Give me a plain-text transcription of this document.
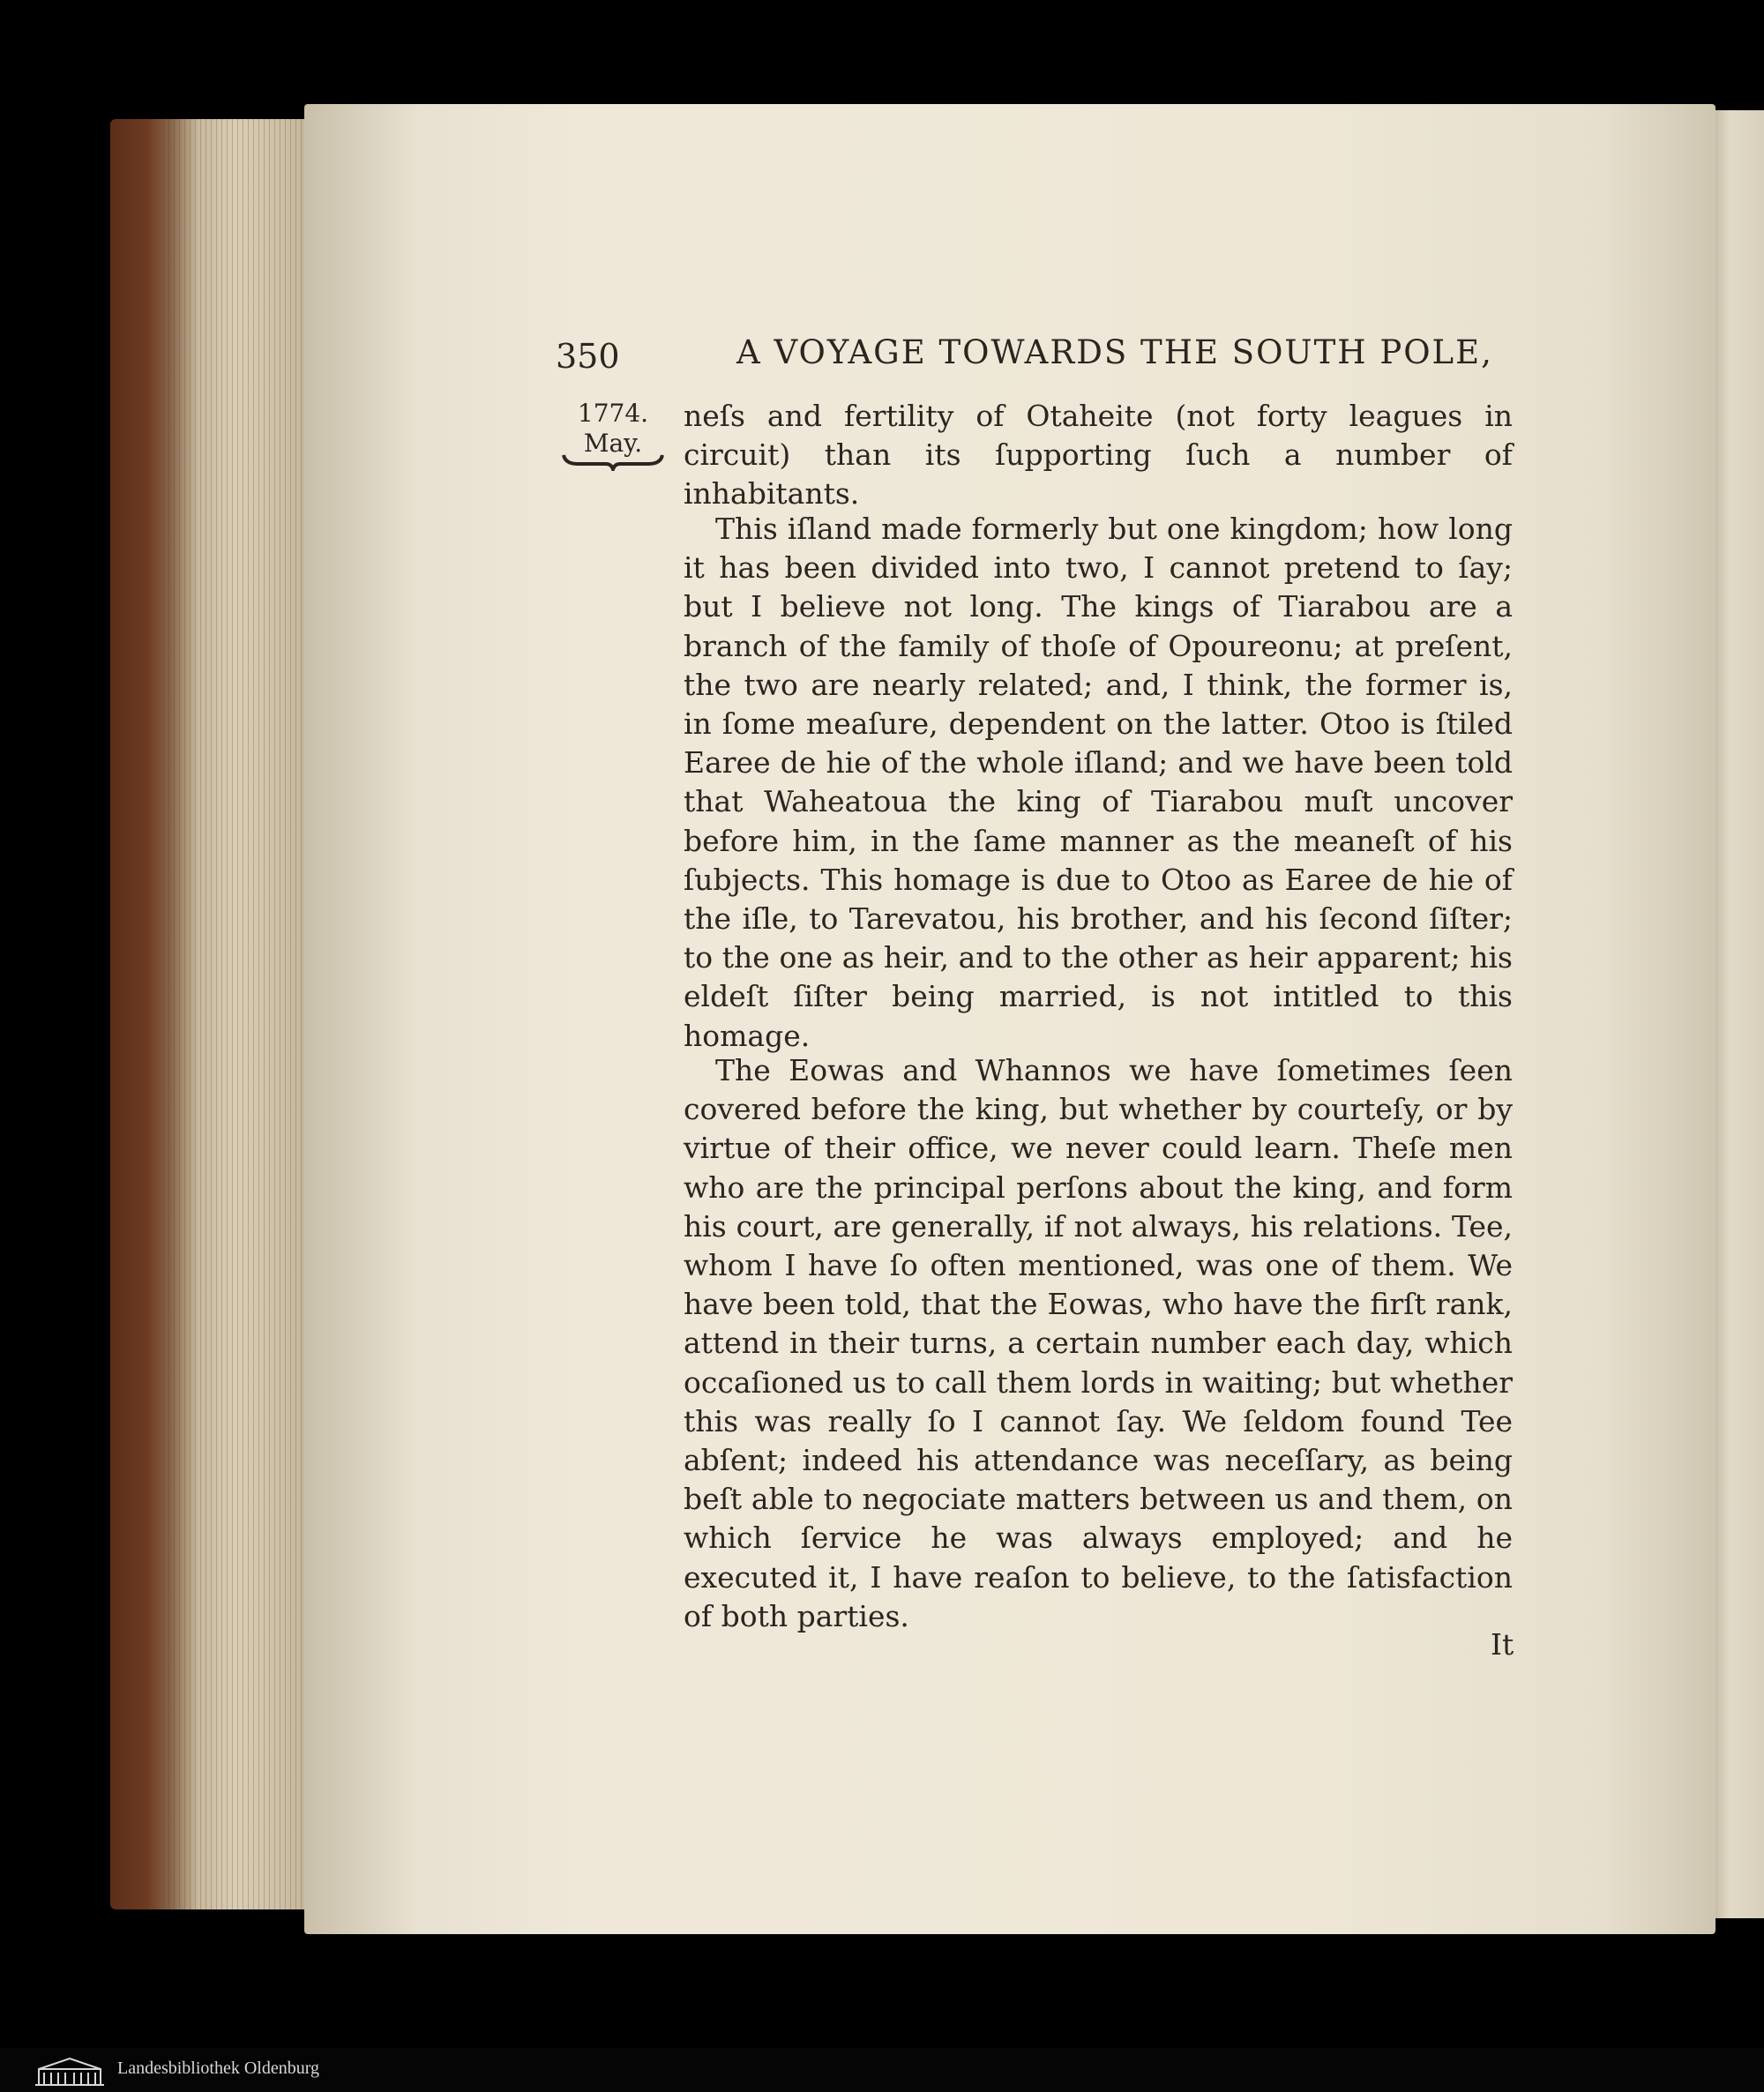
350	A VOYAGE TOWARDS THE SOUTH POLE,
1774.
May.
neſs and fertility of Otaheite (not forty leagues in circuit) than its ſupporting ſuch a number of inhabitants.
This iſland made formerly but one kingdom; how long it has been divided into two, I cannot pretend to ſay; but I believe not long. The kings of Tiarabou are a branch of the family of thoſe of Opoureonu; at preſent, the two are nearly related; and, I think, the former is, in ſome meaſure, dependent on the latter. Otoo is ſtiled Earee de hie of the whole iſland; and we have been told that Waheatoua the king of Tiarabou muſt uncover before him, in the ſame manner as the meaneſt of his ſubjects. This homage is due to Otoo as Earee de hie of the iſle, to Tarevatou, his brother, and his ſecond ſiſter; to the one as heir, and to the other as heir apparent; his eldeſt ſiſter being married, is not intitled to this homage.
The Eowas and Whannos we have ſometimes ſeen covered before the king, but whether by courteſy, or by virtue of their office, we never could learn. Theſe men who are the principal perſons about the king, and form his court, are generally, if not always, his relations. Tee, whom I have ſo often mentioned, was one of them. We have been told, that the Eowas, who have the firſt rank, attend in their turns, a certain number each day, which occaſioned us to call them lords in waiting; but whether this was really ſo I cannot ſay. We ſeldom found Tee abſent; indeed his attendance was neceſſary, as being beſt able to negociate matters between us and them, on which ſervice he was always employed; and he executed it, I have reaſon to believe, to the ſatisfaction of both parties.
It
Landesbibliothek Oldenburg
